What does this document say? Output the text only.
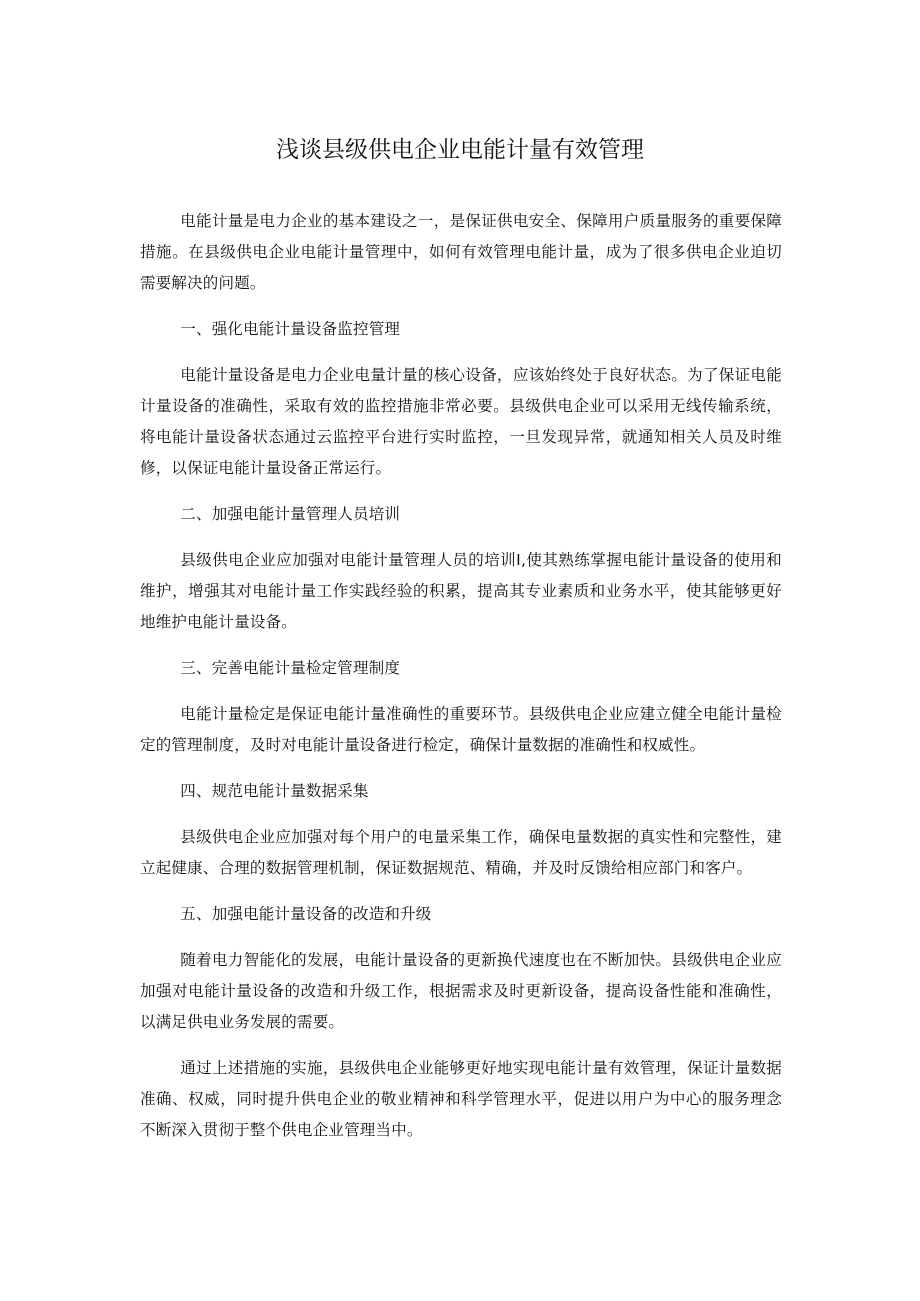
浅谈县级供电企业电能计量有效管理

电能计量是电力企业的基本建设之一，是保证供电安全、保障用户质量服务的重要保障措施。在县级供电企业电能计量管理中，如何有效管理电能计量，成为了很多供电企业迫切需要解决的问题。

一、强化电能计量设备监控管理

电能计量设备是电力企业电量计量的核心设备，应该始终处于良好状态。为了保证电能计量设备的准确性，采取有效的监控措施非常必要。县级供电企业可以采用无线传输系统，将电能计量设备状态通过云监控平台进行实时监控，一旦发现异常，就通知相关人员及时维修，以保证电能计量设备正常运行。

二、加强电能计量管理人员培训

县级供电企业应加强对电能计量管理人员的培训I,使其熟练掌握电能计量设备的使用和维护，增强其对电能计量工作实践经验的积累，提高其专业素质和业务水平，使其能够更好地维护电能计量设备。

三、完善电能计量检定管理制度

电能计量检定是保证电能计量准确性的重要环节。县级供电企业应建立健全电能计量检定的管理制度，及时对电能计量设备进行检定，确保计量数据的准确性和权威性。

四、规范电能计量数据采集

县级供电企业应加强对每个用户的电量采集工作，确保电量数据的真实性和完整性，建立起健康、合理的数据管理机制，保证数据规范、精确，并及时反馈给相应部门和客户。

五、加强电能计量设备的改造和升级

随着电力智能化的发展，电能计量设备的更新换代速度也在不断加快。县级供电企业应加强对电能计量设备的改造和升级工作，根据需求及时更新设备，提高设备性能和准确性，以满足供电业务发展的需要。

通过上述措施的实施，县级供电企业能够更好地实现电能计量有效管理，保证计量数据准确、权威，同时提升供电企业的敬业精神和科学管理水平，促进以用户为中心的服务理念不断深入贯彻于整个供电企业管理当中。
